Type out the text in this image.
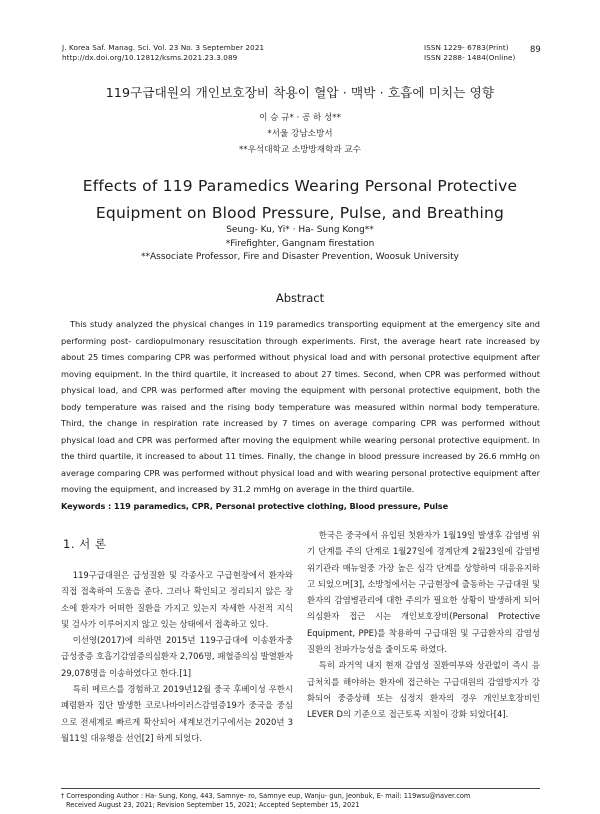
J. Korea Saf. Manag. Sci. Vol. 23 No. 3 September 2021
http://dx.doi.org/10.12812/ksms.2021.23.3.089
ISSN 1229- 6783(Print)
ISSN 2288- 1484(Online)
89
119구급대원의 개인보호장비 착용이 혈압 · 맥박 · 호흡에 미치는 영향
이 승 규* · 공 하 성**
*서울 강남소방서
**우석대학교 소방방재학과 교수
Effects of 119 Paramedics Wearing Personal Protective
Equipment on Blood Pressure, Pulse, and Breathing
Seung- Ku, Yi* · Ha- Sung Kong**
*Firefighter, Gangnam firestation
**Associate Professor, Fire and Disaster Prevention, Woosuk University
Abstract
This study analyzed the physical changes in 119 paramedics transporting equipment at the emergency site and performing post- cardiopulmonary resuscitation through experiments. First, the average heart rate increased by about 25 times comparing CPR was performed without physical load and with personal protective equipment after moving equipment. In the third quartile, it increased to about 27 times. Second, when CPR was performed without physical load, and CPR was performed after moving the equipment with personal protective equipment, both the body temperature was raised and the rising body temperature was measured within normal body temperature. Third, the change in respiration rate increased by 7 times on average comparing CPR was performed without physical load and CPR was performed after moving the equipment while wearing personal protective equipment. In the third quartile, it increased to about 11 times. Finally, the change in blood pressure increased by 26.6 mmHg on average comparing CPR was performed without physical load and with wearing personal protective equipment after moving the equipment, and increased by 31.2 mmHg on average in the third quartile.
Keywords : 119 paramedics, CPR, Personal protective clothing, Blood pressure, Pulse
1. 서 론

119구급대원은 급성질환 및 각종사고 구급현장에서 환자와 직접 접촉하여 도움을 준다. 그러나 확인되고 정리되지 않은 장소에 환자가 어떠한 질환을 가지고 있는지 자세한 사전적 지식 및 검사가 이루어지지 않고 있는 상태에서 접촉하고 있다.

이선영(2017)에 의하면 2015년 119구급대에 이송환자중 급성중증 호흡기감염증의심환자 2,706명, 패혈증의심 발열환자 29,078명을 이송하였다고 한다.[1]

특히 메르스를 경험하고 2019년12월 중국 후베이성 우한시 폐렴환자 집단 발생한 코로나바이러스감염증19가 중국을 중심으로 전세계로 빠르게 확산되어 세계보건기구에서는 2020년 3월11일 대유행을 선언[2] 하게 되었다.

한국은 중국에서 유입된 첫환자가 1월19일 발생후 감염병 위기 단계를 주의 단계로 1월27일에 경계단계 2월23일에 감염병위기관라 매뉴얼중 가장 높은 심각 단계를 상향하여 대응유지하고 되었으며[3], 소방청에서는 구급현장에 출동하는 구급대원 및 환자의 감염병관리에 대한 주의가 필요한 상황이 발생하게 되어 의심환자 접근 시는 개인보호장비(Personal Protective Equipment, PPE)를 착용하여 구급대원 및 구급환자의 감염성 질환의 전파가능성을 줄이도록 하였다.

특히 과거역 내지 현재 감염성 질환여부와 상관없이 즉시 응급처치를 해야하는 환자에 접근하는 구급대원의 감염방지가 강화되어 중증상해 또는 심정지 환자의 경우 개인보호장비인 LEVER D의 기준으로 접근토록 지침이 강화 되었다[4].

† Corresponding Author : Ha- Sung, Kong, 443, Samnye- ro, Samnye eup, Wanju- gun, Jeonbuk, E- mail: 119wsu@naver.com
Received August 23, 2021; Revision September 15, 2021; Accepted September 15, 2021
